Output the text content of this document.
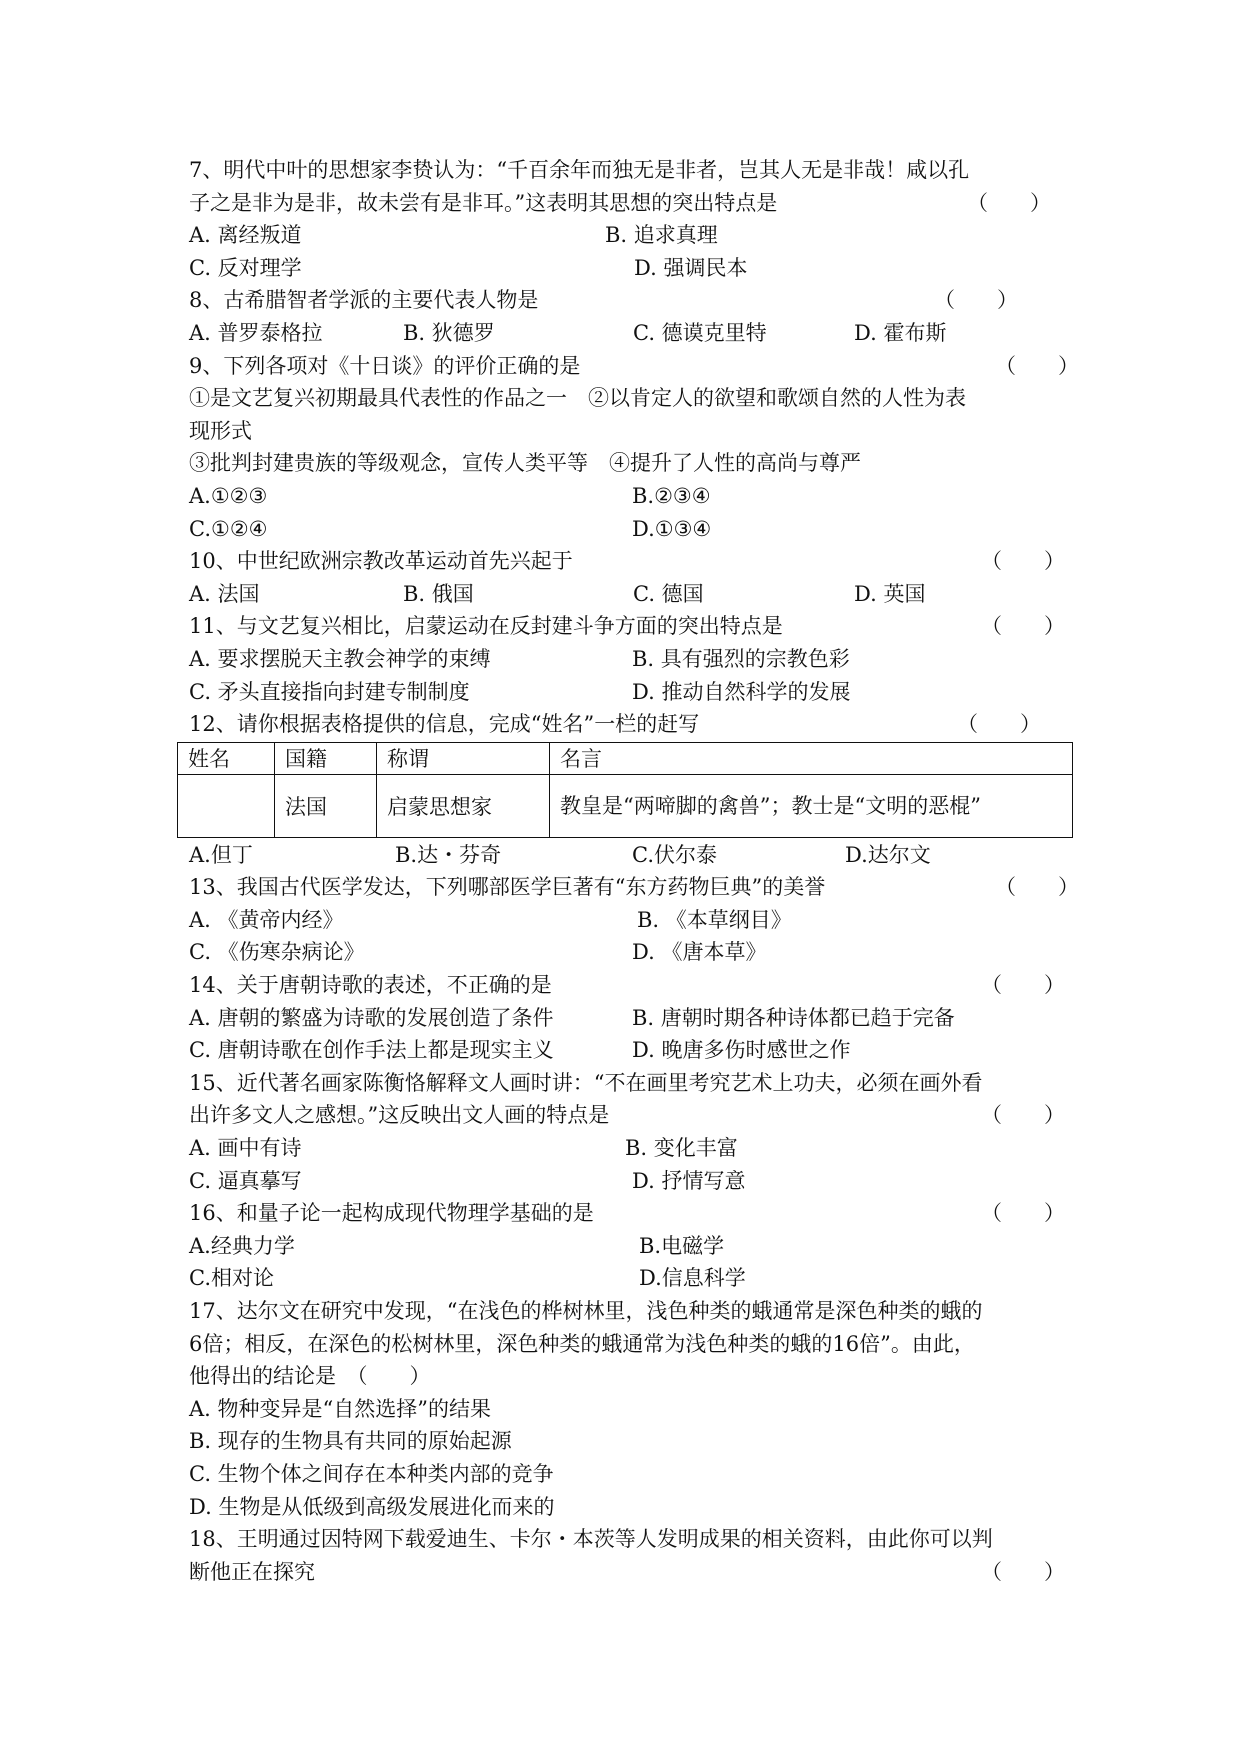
7、明代中叶的思想家李贽认为：“千百余年而独无是非者，岂其人无是非哉！咸以孔
子之是非为是非，故未尝有是非耳。”这表明其思想的突出特点是	（　　）
A. 离经叛道	B. 追求真理
C. 反对理学	D. 强调民本
8、古希腊智者学派的主要代表人物是	（　　）
A. 普罗泰格拉	B. 狄德罗	C. 德谟克里特	D. 霍布斯
9、下列各项对《十日谈》的评价正确的是	（　　）
①是文艺复兴初期最具代表性的作品之一　②以肯定人的欲望和歌颂自然的人性为表
现形式
③批判封建贵族的等级观念，宣传人类平等　④提升了人性的高尚与尊严
A.①②③	B.②③④
C.①②④	D.①③④
10、中世纪欧洲宗教改革运动首先兴起于	（　　）
A. 法国	B. 俄国	C. 德国	D. 英国
11、与文艺复兴相比，启蒙运动在反封建斗争方面的突出特点是	（　　）
A. 要求摆脱天主教会神学的束缚	B. 具有强烈的宗教色彩
C. 矛头直接指向封建专制制度	D. 推动自然科学的发展
12、请你根据表格提供的信息，完成“姓名”一栏的赶写	（　　）
姓名	国籍	称谓	名言
	法国	启蒙思想家	教皇是“两啼脚的禽兽”；教士是“文明的恶棍”
A.但丁	B.达・芬奇	C.伏尔泰	D.达尔文
13、我国古代医学发达，下列哪部医学巨著有“东方药物巨典”的美誉	（　　）
A. 《黄帝内经》	B. 《本草纲目》
C. 《伤寒杂病论》	D. 《唐本草》
14、关于唐朝诗歌的表述，不正确的是	（　　）
A. 唐朝的繁盛为诗歌的发展创造了条件	B. 唐朝时期各种诗体都已趋于完备
C. 唐朝诗歌在创作手法上都是现实主义	D. 晚唐多伤时感世之作
15、近代著名画家陈衡恪解释文人画时讲：“不在画里考究艺术上功夫，必须在画外看
出许多文人之感想。”这反映出文人画的特点是	（　　）
A. 画中有诗	B. 变化丰富
C. 逼真摹写	D. 抒情写意
16、和量子论一起构成现代物理学基础的是	（　　）
A.经典力学	B.电磁学
C.相对论	D.信息科学
17、达尔文在研究中发现，“在浅色的桦树林里，浅色种类的蛾通常是深色种类的蛾的
6倍；相反，在深色的松树林里，深色种类的蛾通常为浅色种类的蛾的16倍”。由此，
他得出的结论是　（　　）
A. 物种变异是“自然选择”的结果
B. 现存的生物具有共同的原始起源
C. 生物个体之间存在本种类内部的竞争
D. 生物是从低级到高级发展进化而来的
18、王明通过因特网下载爱迪生、卡尔・本茨等人发明成果的相关资料，由此你可以判
断他正在探究	（　　）
